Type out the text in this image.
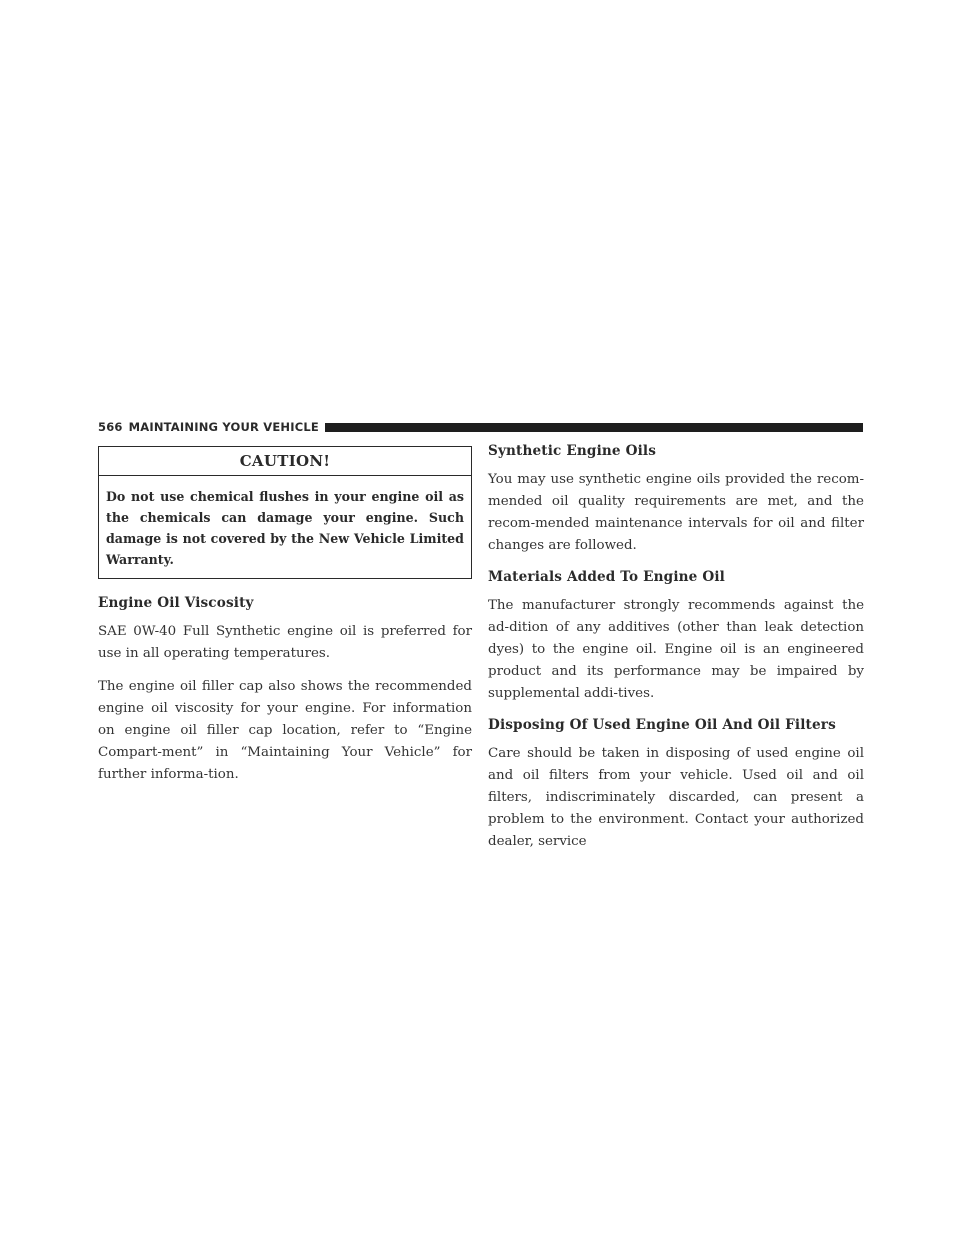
566 MAINTAINING YOUR VEHICLE
CAUTION!
Do not use chemical flushes in your engine oil as the chemicals can damage your engine. Such damage is not covered by the New Vehicle Limited Warranty.
Engine Oil Viscosity

SAE 0W-40 Full Synthetic engine oil is preferred for use in all operating temperatures.

The engine oil filler cap also shows the recommended engine oil viscosity for your engine. For information on engine oil filler cap location, refer to “Engine Compart-ment” in “Maintaining Your Vehicle” for further informa-tion.

Synthetic Engine Oils

You may use synthetic engine oils provided the recom-mended oil quality requirements are met, and the recom-mended maintenance intervals for oil and filter changes are followed.

Materials Added To Engine Oil

The manufacturer strongly recommends against the ad-dition of any additives (other than leak detection dyes) to the engine oil. Engine oil is an engineered product and its performance may be impaired by supplemental addi-tives.

Disposing Of Used Engine Oil And Oil Filters

Care should be taken in disposing of used engine oil and oil filters from your vehicle. Used oil and oil filters, indiscriminately discarded, can present a problem to the environment. Contact your authorized dealer, service
